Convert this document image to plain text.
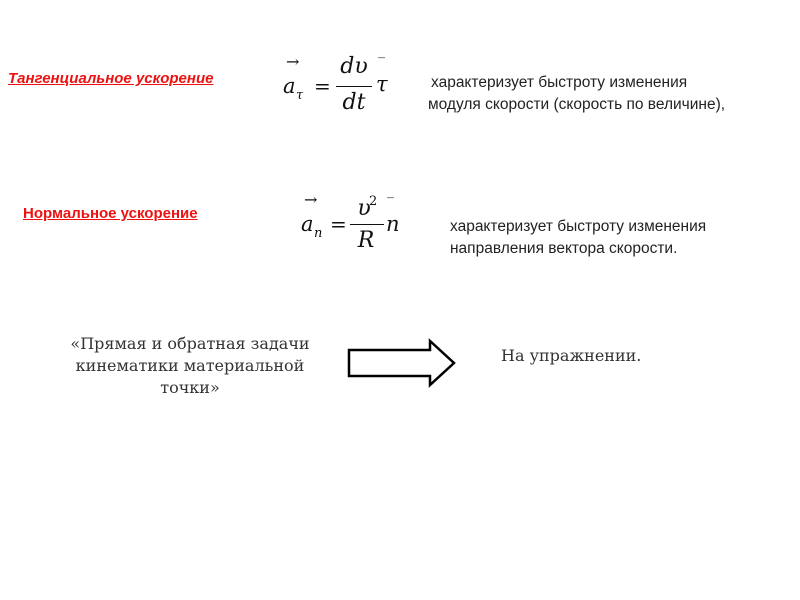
Тангенциальное ускорение
→
a τ =
dυ
dt
‾
τ	характеризует быстроту изменения
модуля скорости (скорость по величине),
Нормальное ускорение
→
a n =
υ
2
R
‾
n	характеризует быстроту изменения
направления вектора скорости.
«Прямая и обратная задачи
кинематики материальной
точки»
На упражнении.
